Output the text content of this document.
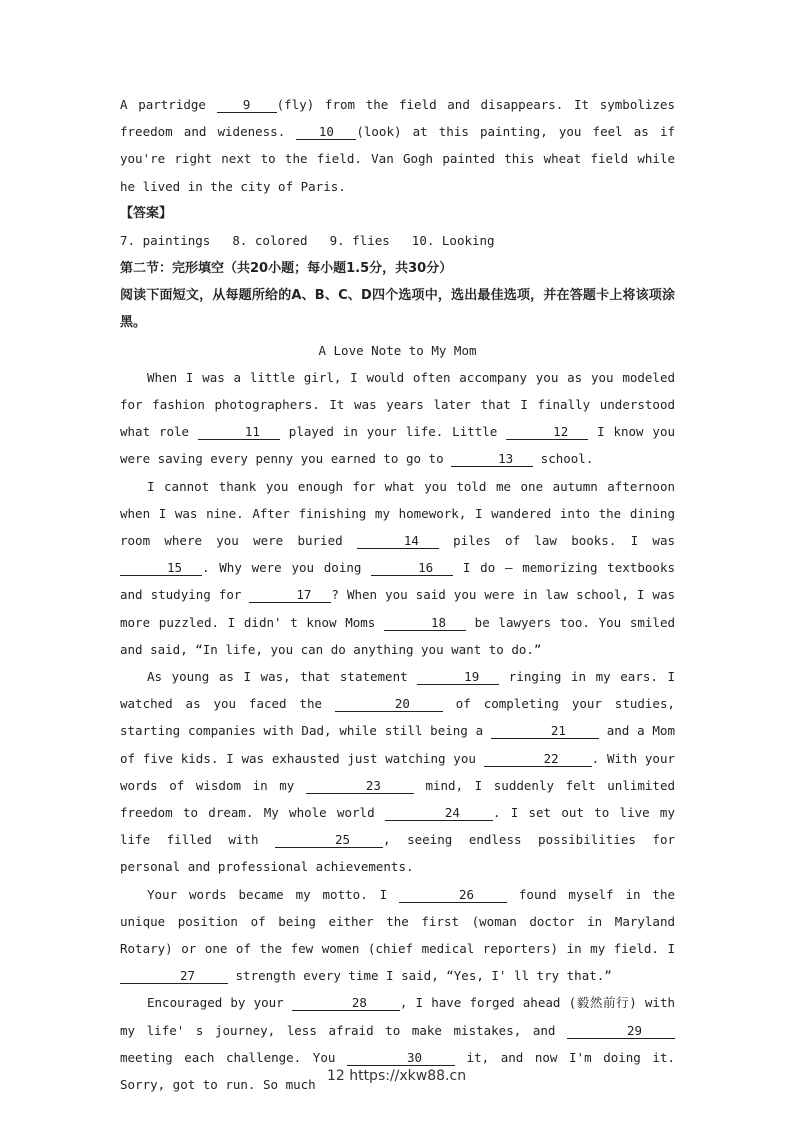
A partridge 9 (fly) from the field and disappears. It symbolizes freedom and wideness. 10 (look) at this painting, you feel as if you're right next to the field. Van Gogh painted this wheat field while he lived in the city of Paris.

【答案】

7. paintings 8. colored 9. flies 10. Looking

第二节：完形填空（共20小题；每小题1.5分，共30分）

阅读下面短文，从每题所给的A、B、C、D四个选项中，选出最佳选项，并在答题卡上将该项涂黑。

A Love Note to My Mom

When I was a little girl, I would often accompany you as you modeled for fashion photographers. It was years later that I finally understood what role	11 played in your life. Little	12 I know you were saving every penny you earned to go to	13 school.

I cannot thank you enough for what you told me one autumn afternoon when I was nine. After finishing my homework, I wandered into the dining room where you were buried	14 piles of law books. I was 15 . Why were you doing	16 I do — memorizing textbooks and studying for	17 ? When you said you were in law school, I was more puzzled. I didn' t know Moms	18 be lawyers too. You smiled and said, “In life, you can do anything you want to do.”

As young as I was, that statement	19 ringing in my ears. I watched as you faced the	20	of completing your studies, starting companies with Dad, while still being a	21	and a Mom of five kids. I was exhausted just watching you	22	. With your words of wisdom in my	23	mind, I suddenly felt unlimited freedom to dream. My whole world	24	. I set out to live my life filled with	25	, seeing endless possibilities for personal and professional achievements.

Your words became my motto. I	26	found myself in the unique position of being either the first (woman doctor in Maryland Rotary) or one of the few women (chief medical reporters) in my field. I 27	strength every time I said, “Yes, I' ll try that.”

Encouraged by your	28	, I have forged ahead (毅然前行) with my life' s journey, less afraid to make mistakes, and	29 meeting each challenge. You	30	it, and now I'm doing it. Sorry, got to run. So much

12 https://xkw88.cn
